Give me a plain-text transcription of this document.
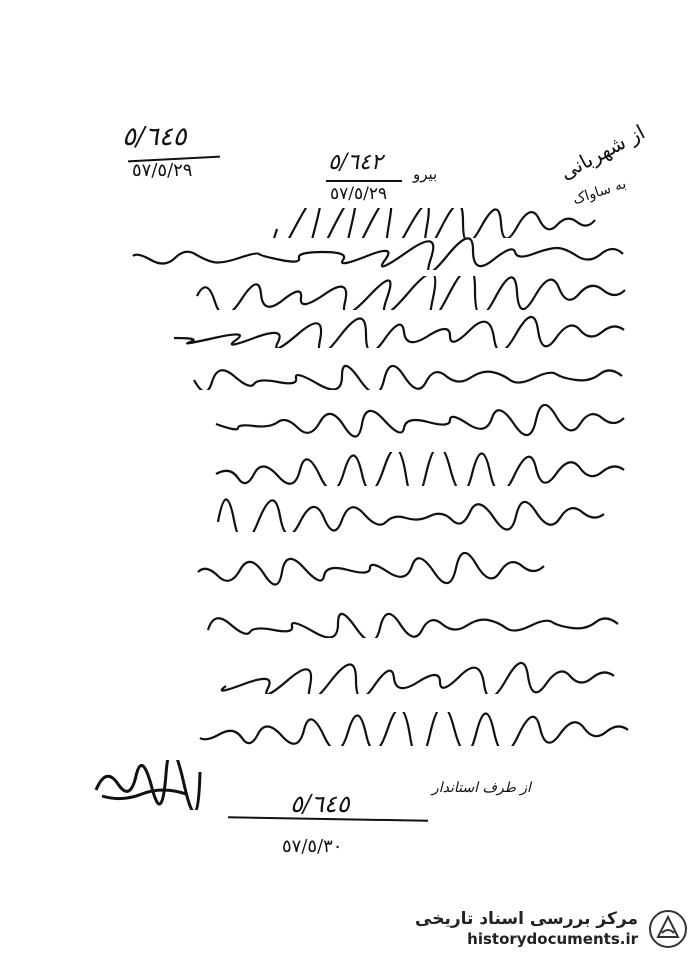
٥/٦٤٥
٥٧/٥/٢٩	از شهربانی
به ساواک
بیرو
٥/٦٤٢
٥٧/٥/٢٩
از طرف استاندار
٥/٦٤٥
٥٧/٥/٣٠
مرکز بررسی اسناد تاریخی
historydocuments.ir
